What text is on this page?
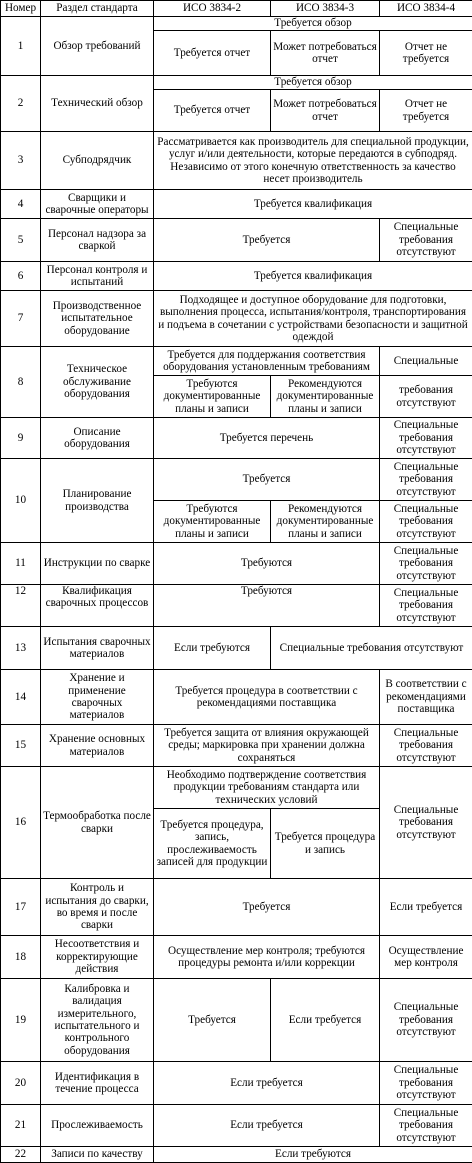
Номер	Раздел стандарта	ИСО 3834-2	ИСО 3834-3	ИСО 3834-4
1	Обзор требований	Требуется обзор		
		Требуется отчет	Может потребоваться отчет	Отчет не требуется
2	Технический обзор	Требуется обзор		
		Требуется отчет	Может потребоваться отчет	Отчет не требуется
3	Субподрядчик	Рассматривается как производитель для специальной продукции, услуг и/или деятельности, которые передаются в субподряд. Независимо от этого конечную ответственность за качество несет производитель		
4	Сварщики и сварочные операторы	Требуется квалификация		
5	Персонал надзора за сваркой	Требуется		Специальные требования отсутствуют
6	Персонал контроля и испытаний	Требуется квалификация		
7	Производственное испытательное оборудование	Подходящее и доступное оборудование для подготовки, выполнения процесса, испытания/контроля, транспортирования и подъема в сочетании с устройствами безопасности и защитной одеждой		
8	Техническое обслуживание оборудования	Требуется для поддержания соответствия оборудования установленным требованиям		Специальные
		Требуются документированные планы и записи	Рекомендуются документированные планы и записи	требования отсутствуют
9	Описание оборудования	Требуется перечень		Специальные требования отсутствуют
10	Планирование производства	Требуется		Специальные требования отсутствуют
		Требуются документированные планы и записи	Рекомендуются документированные планы и записи	Специальные требования отсутствуют
11	Инструкции по сварке	Требуются		Специальные требования отсутствуют
12	Квалификация сварочных процессов	Требуются		Специальные требования отсутствуют
13	Испытания сварочных материалов	Если требуются	Специальные требования отсутствуют	
14	Хранение и применение сварочных материалов	Требуется процедура в соответствии с рекомендациями поставщика		В соответствии с рекомендациями поставщика
15	Хранение основных материалов	Требуется защита от влияния окружающей среды; маркировка при хранении должна сохраняться		Специальные требования отсутствуют
16	Термообработка после сварки	Необходимо подтверждение соответствия продукции требованиям стандарта или технических условий		Специальные требования отсутствуют
		Требуется процедура, запись, прослеживаемость записей для продукции	Требуется процедура и запись	
17	Контроль и испытания до сварки, во время и после сварки	Требуется		Если требуется
18	Несоответствия и корректирующие действия	Осуществление мер контроля; требуются процедуры ремонта и/или коррекции		Осуществление мер контроля
19	Калибровка и валидация измерительного, испытательного и контрольного оборудования	Требуется	Если требуется	Специальные требования отсутствуют
20	Идентификация в течение процесса	Если требуется		Специальные требования отсутствуют
21	Прослеживаемость	Если требуется		Специальные требования отсутствуют
22	Записи по качеству	Если требуются		
